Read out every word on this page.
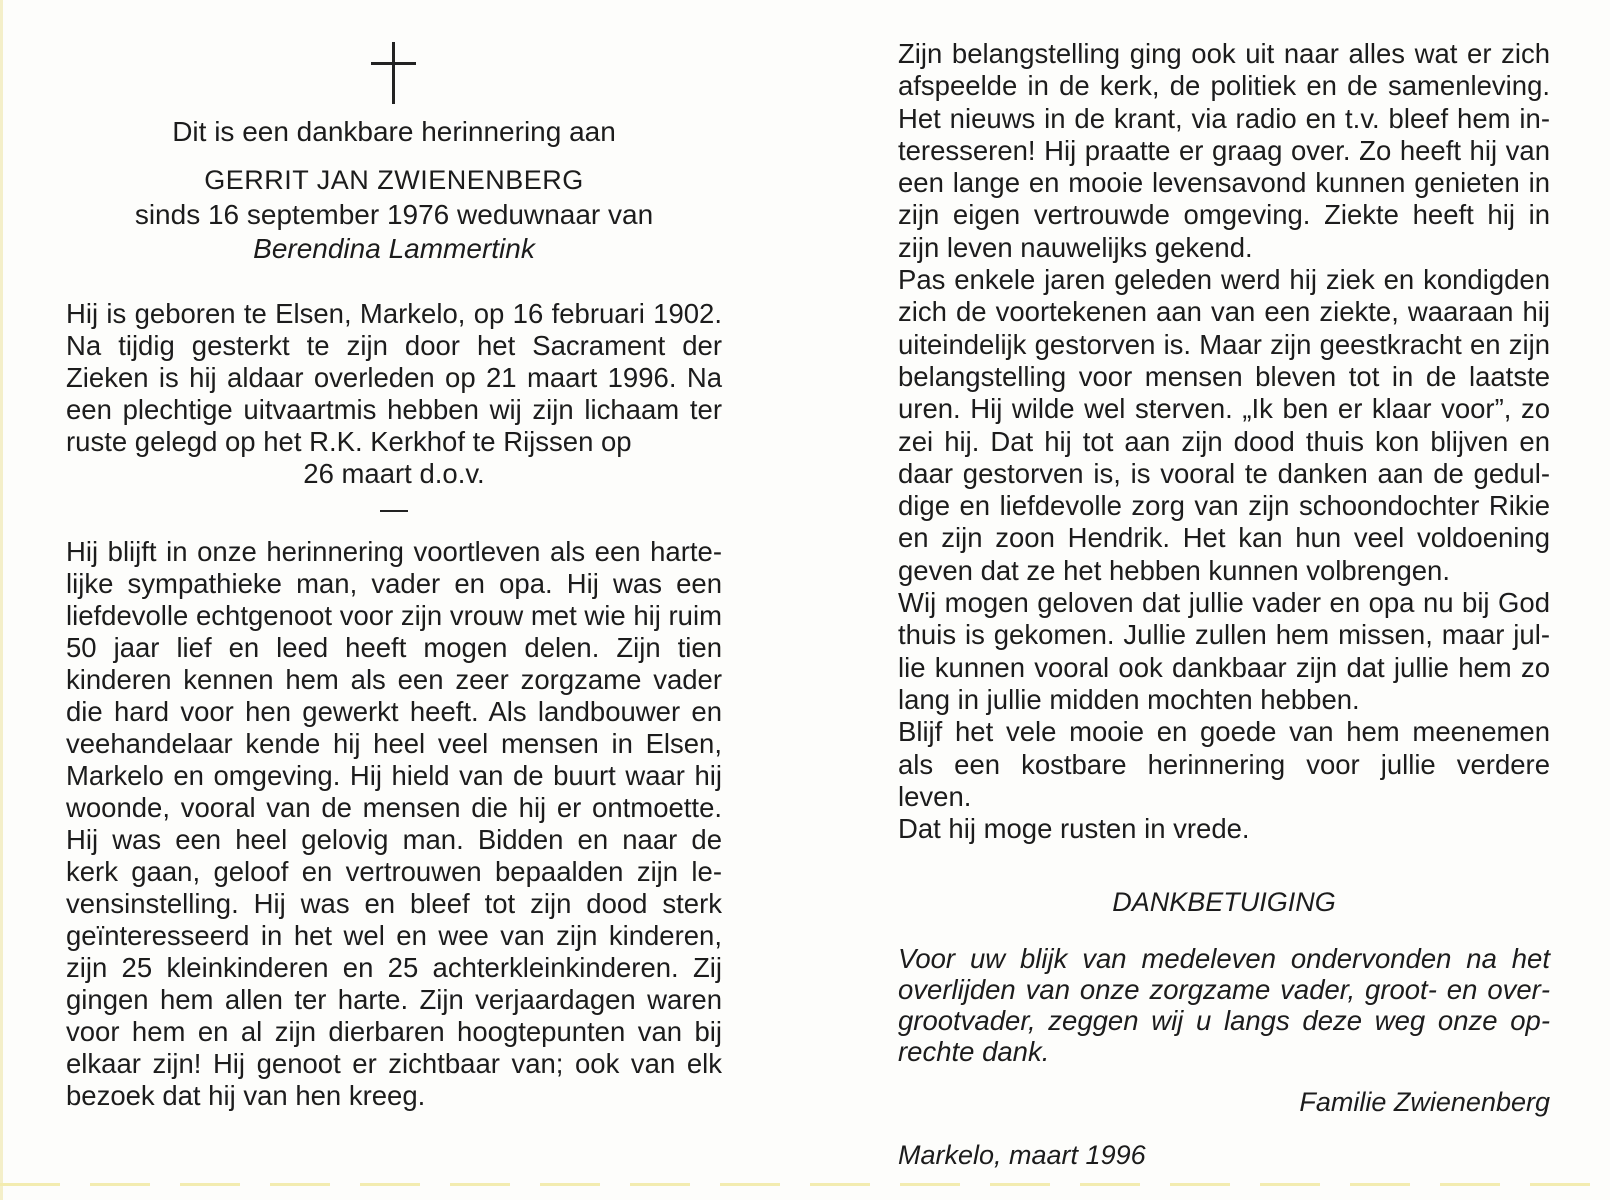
Dit is een dankbare herinnering aan
GERRIT JAN ZWIENENBERG
sinds 16 september 1976 weduwnaar van
Berendina Lammertink

Hij is geboren te Elsen, Markelo, op 16 februari 1902. Na tijdig gesterkt te zijn door het Sacrament der Zieken is hij aldaar overleden op 21 maart 1996. Na een plechtige uitvaartmis hebben wij zijn lichaam ter ruste gelegd op het R.K. Kerkhof te Rijssen op

26 maart d.o.v.

Hij blijft in onze herinnering voortleven als een hartelijke sympathieke man, vader en opa. Hij was een liefdevolle echtgenoot voor zijn vrouw met wie hij ruim 50 jaar lief en leed heeft mogen delen. Zijn tien kinderen kennen hem als een zeer zorgzame vader die hard voor hen gewerkt heeft. Als landbouwer en veehandelaar kende hij heel veel mensen in Elsen, Markelo en omgeving. Hij hield van de buurt waar hij woonde, vooral van de mensen die hij er ontmoette. Hij was een heel gelovig man. Bidden en naar de kerk gaan, geloof en vertrouwen bepaalden zijn levensinstelling. Hij was en bleef tot zijn dood sterk geïnteresseerd in het wel en wee van zijn kinderen, zijn 25 kleinkinderen en 25 achterkleinkinderen. Zij gingen hem allen ter harte. Zijn verjaardagen waren voor hem en al zijn dierbaren hoogtepunten van bij elkaar zijn! Hij genoot er zichtbaar van; ook van elk bezoek dat hij van hen kreeg.

Zijn belangstelling ging ook uit naar alles wat er zich afspeelde in de kerk, de politiek en de samenleving. Het nieuws in de krant, via radio en t.v. bleef hem interesseren! Hij praatte er graag over. Zo heeft hij van een lange en mooie levensavond kunnen genieten in zijn eigen vertrouwde omgeving. Ziekte heeft hij in zijn leven nauwelijks gekend.

Pas enkele jaren geleden werd hij ziek en kondigden zich de voortekenen aan van een ziekte, waaraan hij uiteindelijk gestorven is. Maar zijn geestkracht en zijn belangstelling voor mensen bleven tot in de laatste uren. Hij wilde wel sterven. „Ik ben er klaar voor”, zo zei hij. Dat hij tot aan zijn dood thuis kon blijven en daar gestorven is, is vooral te danken aan de geduldige en liefdevolle zorg van zijn schoondochter Rikie en zijn zoon Hendrik. Het kan hun veel voldoening geven dat ze het hebben kunnen volbrengen.

Wij mogen geloven dat jullie vader en opa nu bij God thuis is gekomen. Jullie zullen hem missen, maar jullie kunnen vooral ook dankbaar zijn dat jullie hem zo lang in jullie midden mochten hebben.

Blijf het vele mooie en goede van hem meenemen als een kostbare herinnering voor jullie verdere leven.

Dat hij moge rusten in vrede.

DANKBETUIGING
Voor uw blijk van medeleven ondervonden na het overlijden van onze zorgzame vader, groot- en overgrootvader, zeggen wij u langs deze weg onze oprechte dank.
Familie Zwienenberg
Markelo, maart 1996
